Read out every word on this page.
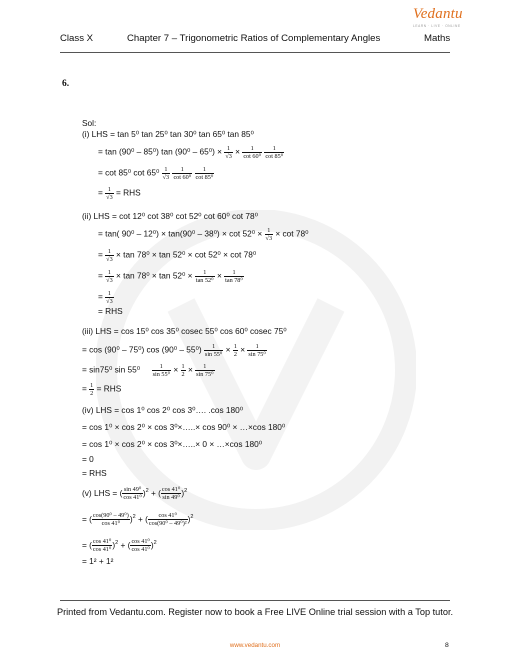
Class X	Chapter 7 – Trigonometric Ratios of Complementary Angles	Maths
Vedantu
LEARN · LIVE · ONLINE
6.
Sol:
(i) LHS = tan 5⁰ tan 25⁰ tan 30⁰ tan 65⁰ tan 85⁰
= tan (90⁰ – 85⁰) $\tan (90^0 - 65^0) \times \frac{1}{√3} \times \frac{1}{\text{cot 60⁰}}$
$\frac{1}{\text{cot 85⁰}}$
= cot 85⁰ $\cot 65^0 \frac{1}{√3}$
$\frac{1}{\text{cot 60⁰}}$
$\frac{1}{\text{cot 85⁰}}$
= $\frac{1}{√3}$ = RHS
(ii) LHS = cot 12⁰ cot 38⁰ cot 52⁰ cot 60⁰ cot 78⁰
= tan( $90^0 - 12^0) \times \tan(90^0 - 38^0) \times \cot 52^0 \times \frac{1}{√3} \times \cot 78^0$
= $\frac{1}{√3} \times \tan 78^0 \times \tan 52^0 \times \cot 52^0 \times \cot 78^0$
= $\frac{1}{√3} \times \tan 78^0 \times \tan 52^0 \times \frac{1}{\text{tan 52⁰}} \times \frac{1}{\text{tan 78⁰}}$
= $\frac{1}{√3}$
= RHS
(iii) LHS = cos 15⁰ cos 35⁰ cosec 55⁰ cos 60⁰ cosec 75⁰
= cos (90⁰ – 75⁰) $\cos (90^0 - 55^0) \frac{1}{\text{sin 55⁰}} \times \frac{1}{2} \times \frac{1}{\text{sin 75⁰}}$
= sin75⁰ $\sin 55^0 \frac{1}{\text{sin 55⁰}} \times \frac{1}{2} \times \frac{1}{\text{sin 75⁰}}$
= $\frac{1}{2}$ = RHS
(iv) LHS = cos 1⁰ cos 2⁰ cos 3⁰…. .cos 180⁰
= cos 1⁰ × cos 2⁰ × cos 3⁰×…..× cos 90⁰ × …×cos 180⁰
= cos 1⁰ × cos 2⁰ × cos 3⁰×…..× 0 × …×cos 180⁰
= 0
= RHS
(v) LHS = ( $\frac{\text{sin 49⁰}}{\text{cos 41⁰}} )^2$ + ( $\frac{\text{cos 41⁰}}{\text{sin 49⁰}} )^2$
= ( $\frac{\text{cos(90⁰ – 49⁰)}}{\text{cos 41⁰}} )^2$ + ( $\frac{\text{cos 41⁰}}{\text{cos(90⁰ – 49⁰)²}} )^2$
= ( $\frac{\text{cos 41⁰}}{\text{cos 41⁰}} )^2$ + ( $\frac{\text{cos 41⁰}}{\text{cos 41⁰}} )^2$
= 1² + 1²
Printed from Vedantu.com. Register now to book a Free LIVE Online trial session with a Top tutor.
www.vedantu.com	8
